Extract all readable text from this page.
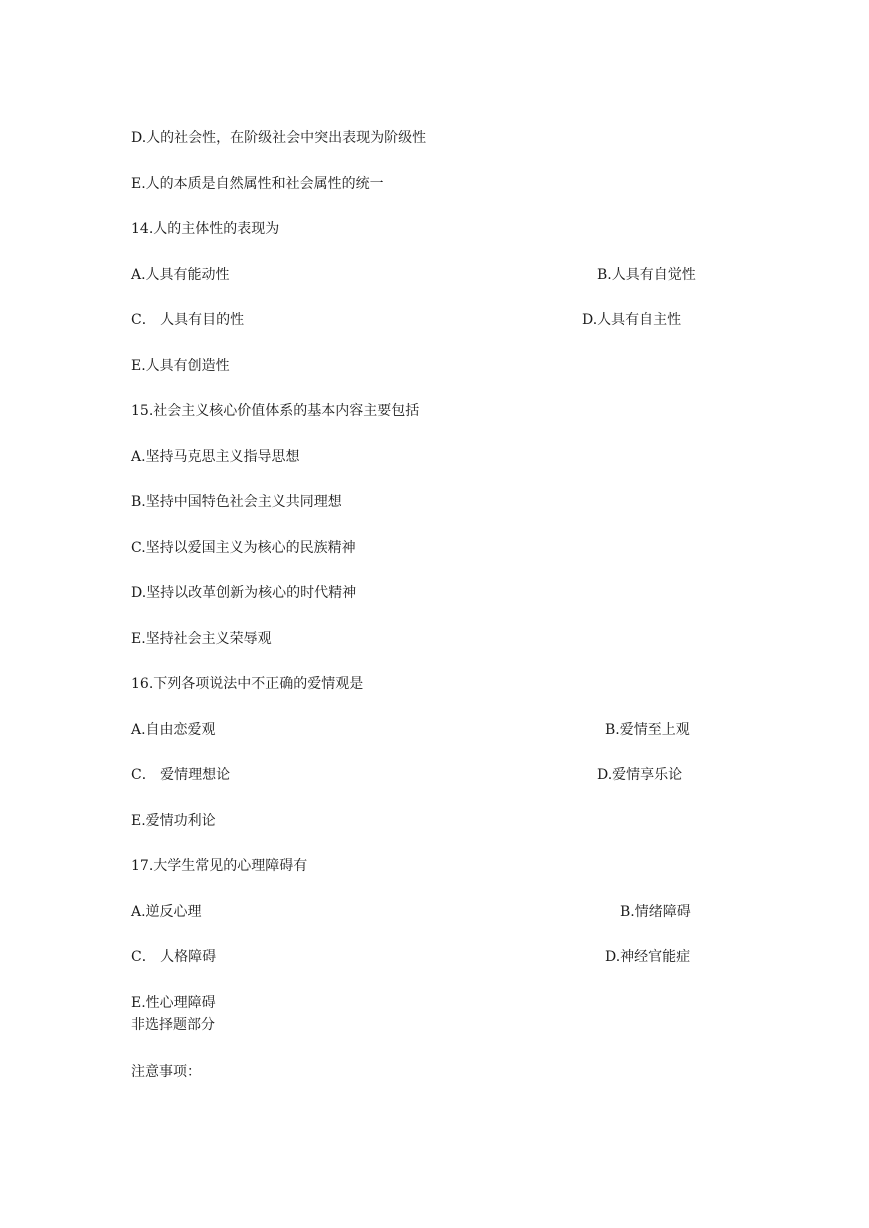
D.人的社会性，在阶级社会中突出表现为阶级性
E.人的本质是自然属性和社会属性的统一
14.人的主体性的表现为
A.人具有能动性	B.人具有自觉性
C． 人具有目的性	D.人具有自主性
E.人具有创造性
15.社会主义核心价值体系的基本内容主要包括
A.坚持马克思主义指导思想
B.坚持中国特色社会主义共同理想
C.坚持以爱国主义为核心的民族精神
D.坚持以改革创新为核心的时代精神
E.坚持社会主义荣辱观
16.下列各项说法中不正确的爱情观是
A.自由恋爱观	B.爱情至上观
C． 爱情理想论	D.爱情享乐论
E.爱情功利论
17.大学生常见的心理障碍有
A.逆反心理	B.情绪障碍
C． 人格障碍	D.神经官能症
E.性心理障碍
非选择题部分
注意事项：
